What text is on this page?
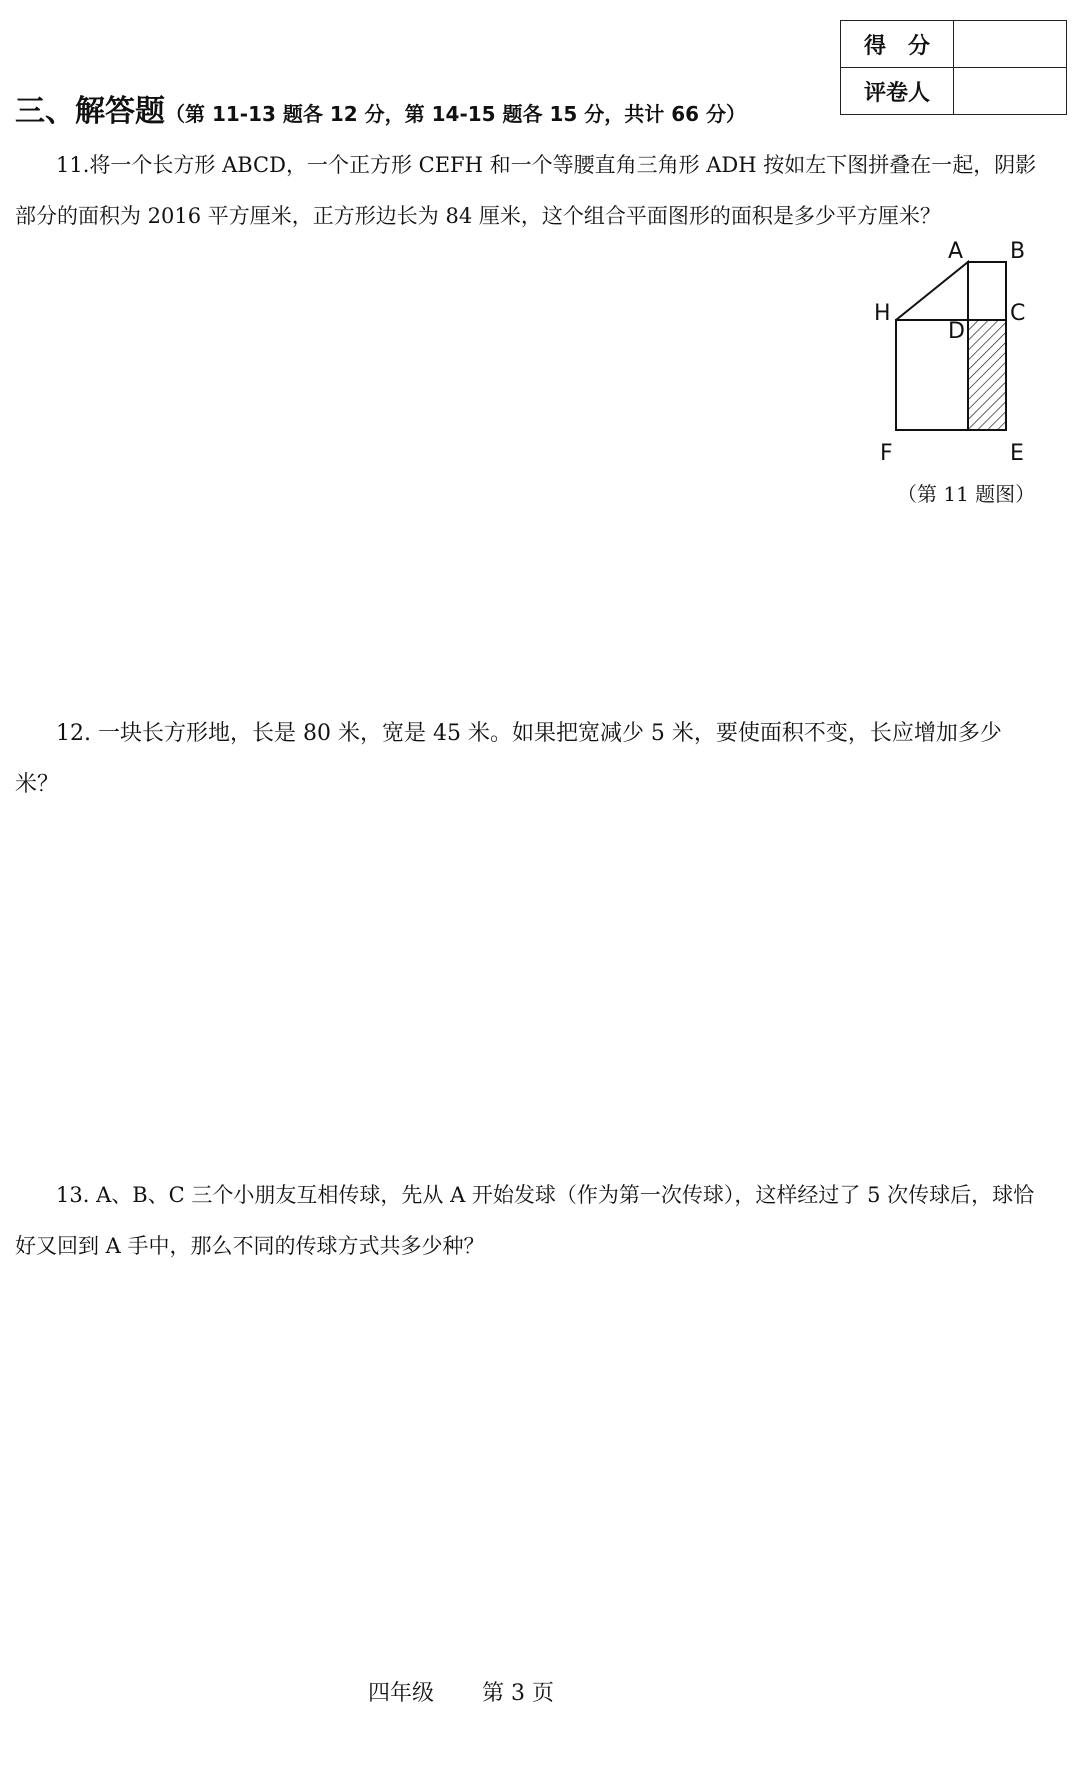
得　分	
评卷人	
三、解答题（第 11-13 题各 12 分，第 14-15 题各 15 分，共计 66 分）
11.将一个长方形 ABCD，一个正方形 CEFH 和一个等腰直角三角形 ADH 按如左下图拼叠在一起，阴影部分的面积为 2016 平方厘米，正方形边长为 84 厘米，这个组合平面图形的面积是多少平方厘米？
A B
H	C
D
F	E
（第 11 题图）
12. 一块长方形地，长是 80 米，宽是 45 米。如果把宽减少 5 米，要使面积不变，长应增加多少米？
13. A、B、C 三个小朋友互相传球，先从 A 开始发球（作为第一次传球），这样经过了 5 次传球后，球恰好又回到 A 手中，那么不同的传球方式共多少种？
四年级 第 3 页
